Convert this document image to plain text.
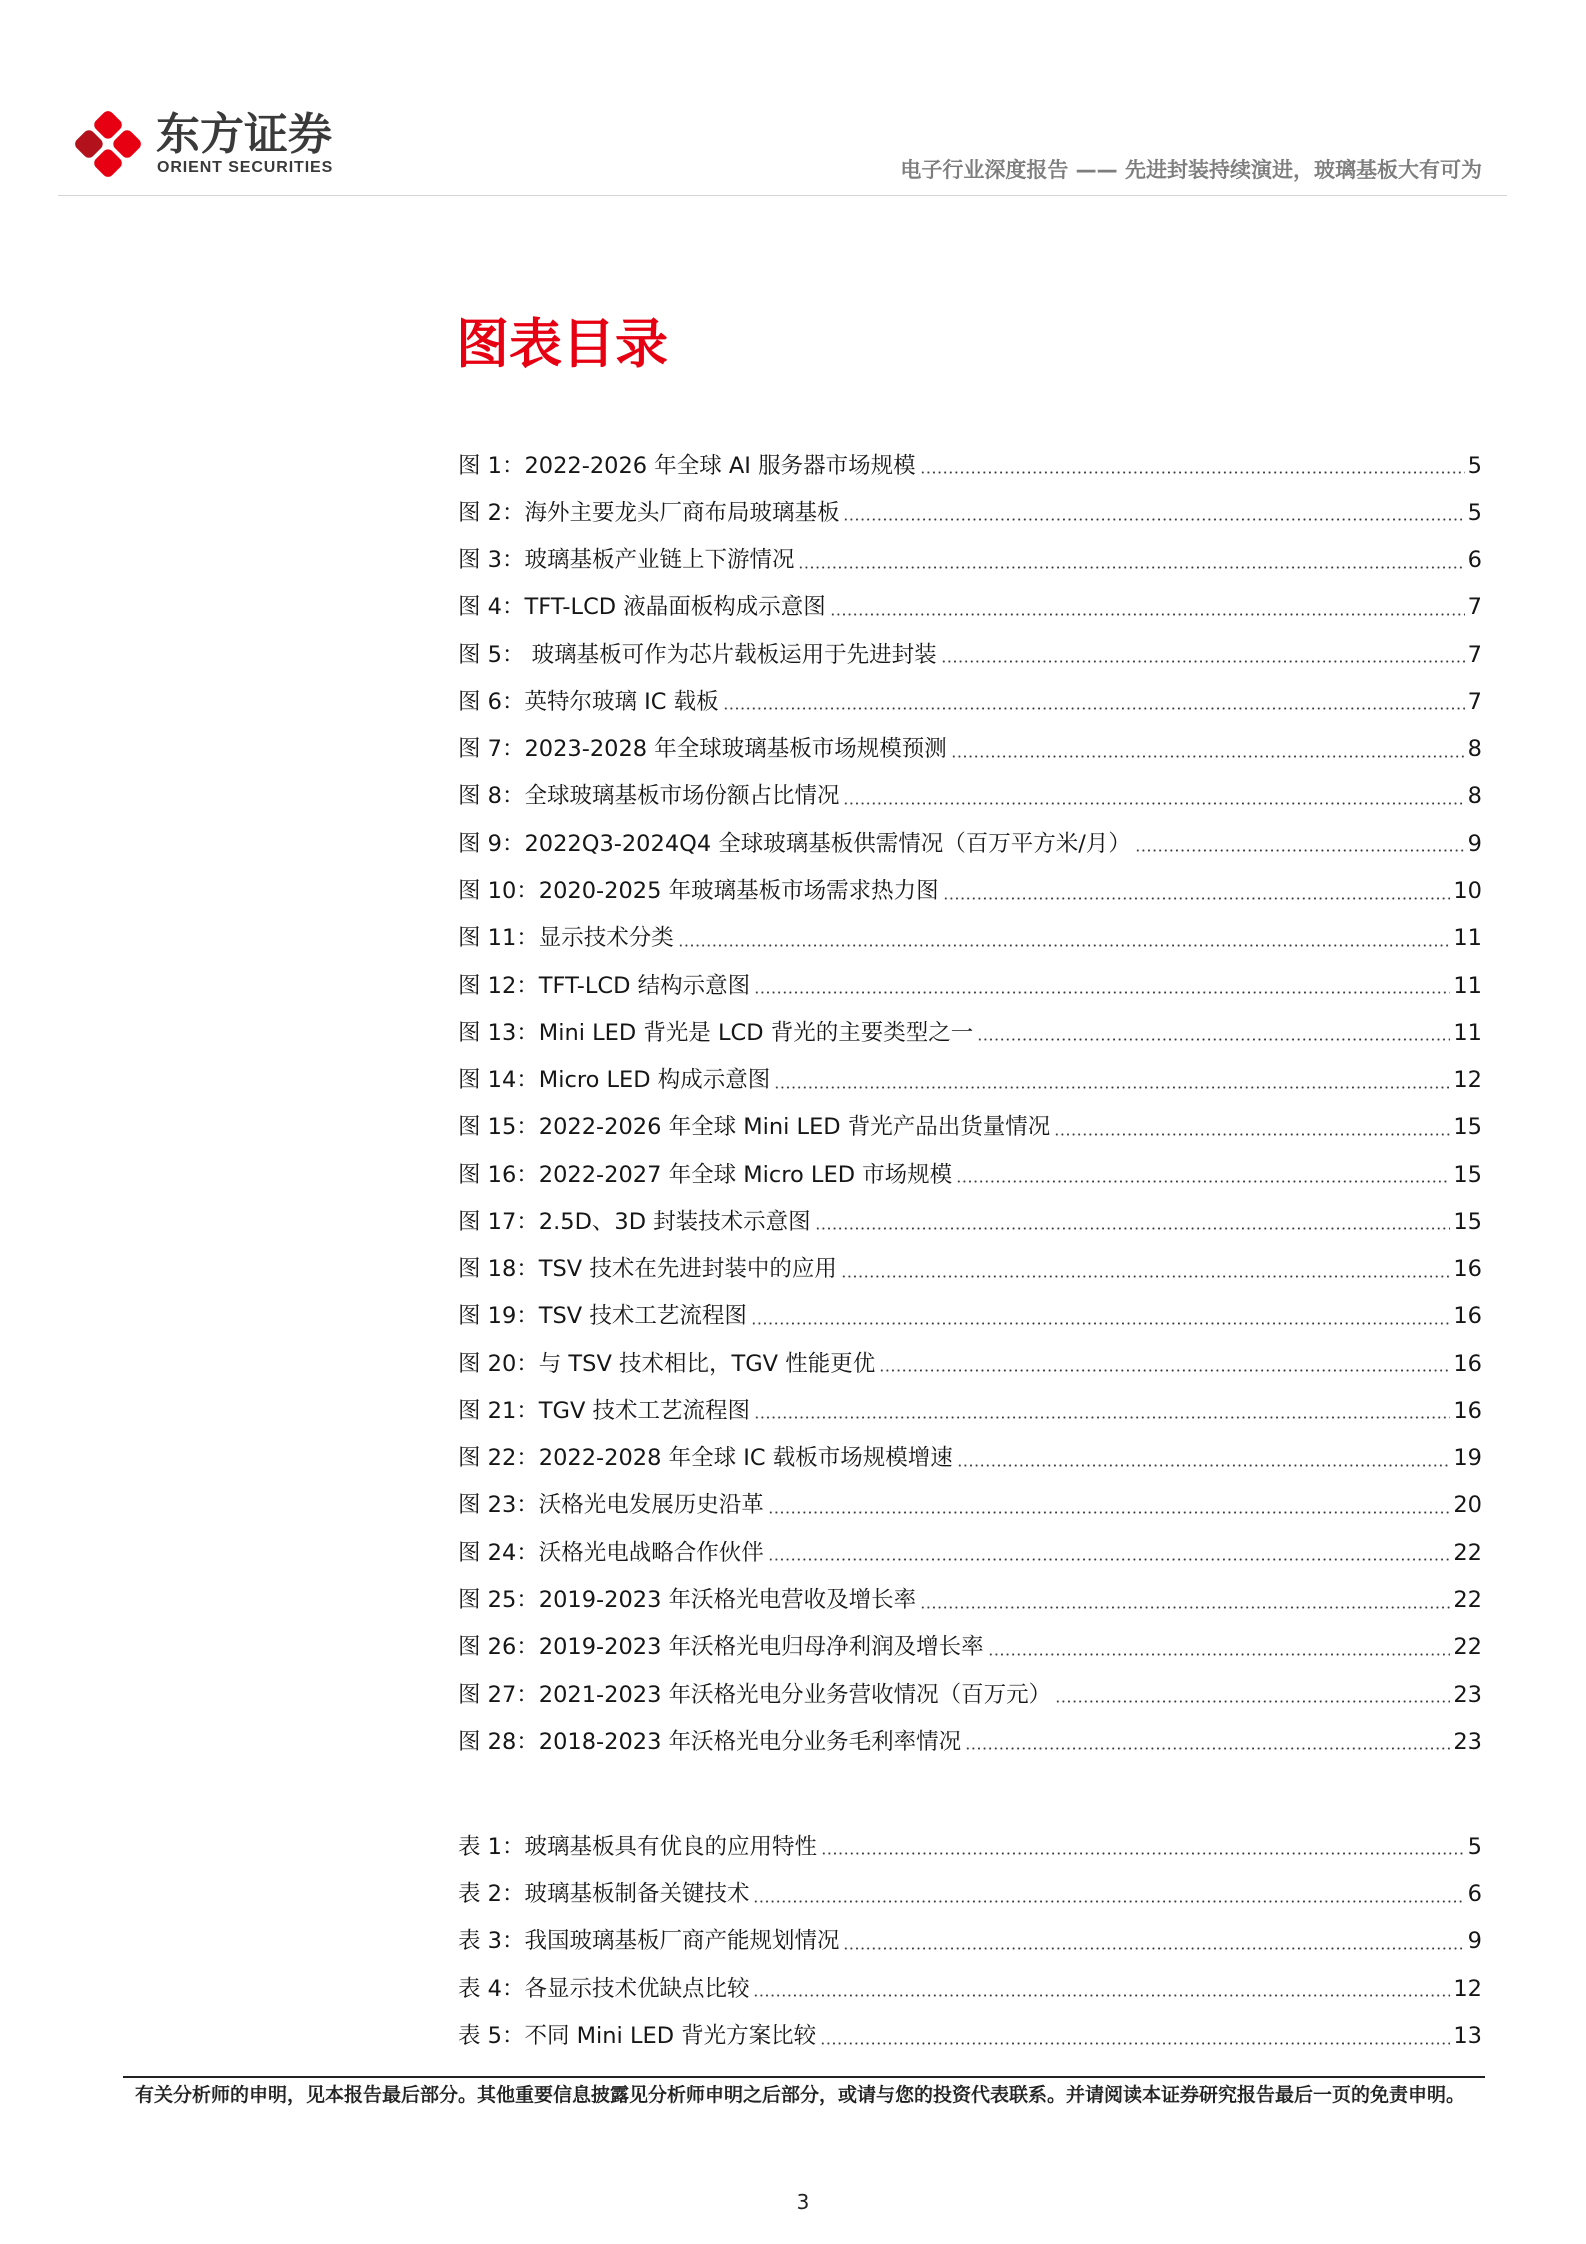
东方证券
ORIENT SECURITIES	电子行业深度报告 —— 先进封装持续演进，玻璃基板大有可为
图表目录
图 1：2022-2026 年全球 AI 服务器市场规模	5
图 2：海外主要龙头厂商布局玻璃基板	5
图 3：玻璃基板产业链上下游情况	6
图 4：TFT-LCD 液晶面板构成示意图	7
图 5： 玻璃基板可作为芯片载板运用于先进封装	7
图 6：英特尔玻璃 IC 载板	7
图 7：2023-2028 年全球玻璃基板市场规模预测	8
图 8：全球玻璃基板市场份额占比情况	8
图 9：2022Q3-2024Q4 全球玻璃基板供需情况（百万平方米/月）	9
图 10：2020-2025 年玻璃基板市场需求热力图	10
图 11：显示技术分类	11
图 12：TFT-LCD 结构示意图	11
图 13：Mini LED 背光是 LCD 背光的主要类型之一	11
图 14：Micro LED 构成示意图	12
图 15：2022-2026 年全球 Mini LED 背光产品出货量情况	15
图 16：2022-2027 年全球 Micro LED 市场规模	15
图 17：2.5D、3D 封装技术示意图	15
图 18：TSV 技术在先进封装中的应用	16
图 19：TSV 技术工艺流程图	16
图 20：与 TSV 技术相比，TGV 性能更优	16
图 21：TGV 技术工艺流程图	16
图 22：2022-2028 年全球 IC 载板市场规模增速	19
图 23：沃格光电发展历史沿革	20
图 24：沃格光电战略合作伙伴	22
图 25：2019-2023 年沃格光电营收及增长率	22
图 26：2019-2023 年沃格光电归母净利润及增长率	22
图 27：2021-2023 年沃格光电分业务营收情况（百万元）	23
图 28：2018-2023 年沃格光电分业务毛利率情况	23
表 1：玻璃基板具有优良的应用特性	5
表 2：玻璃基板制备关键技术	6
表 3：我国玻璃基板厂商产能规划情况	9
表 4：各显示技术优缺点比较	12
表 5：不同 Mini LED 背光方案比较	13
有关分析师的申明，见本报告最后部分。其他重要信息披露见分析师申明之后部分，或请与您的投资代表联系。并请阅读本证券研究报告最后一页的免责申明。
3
